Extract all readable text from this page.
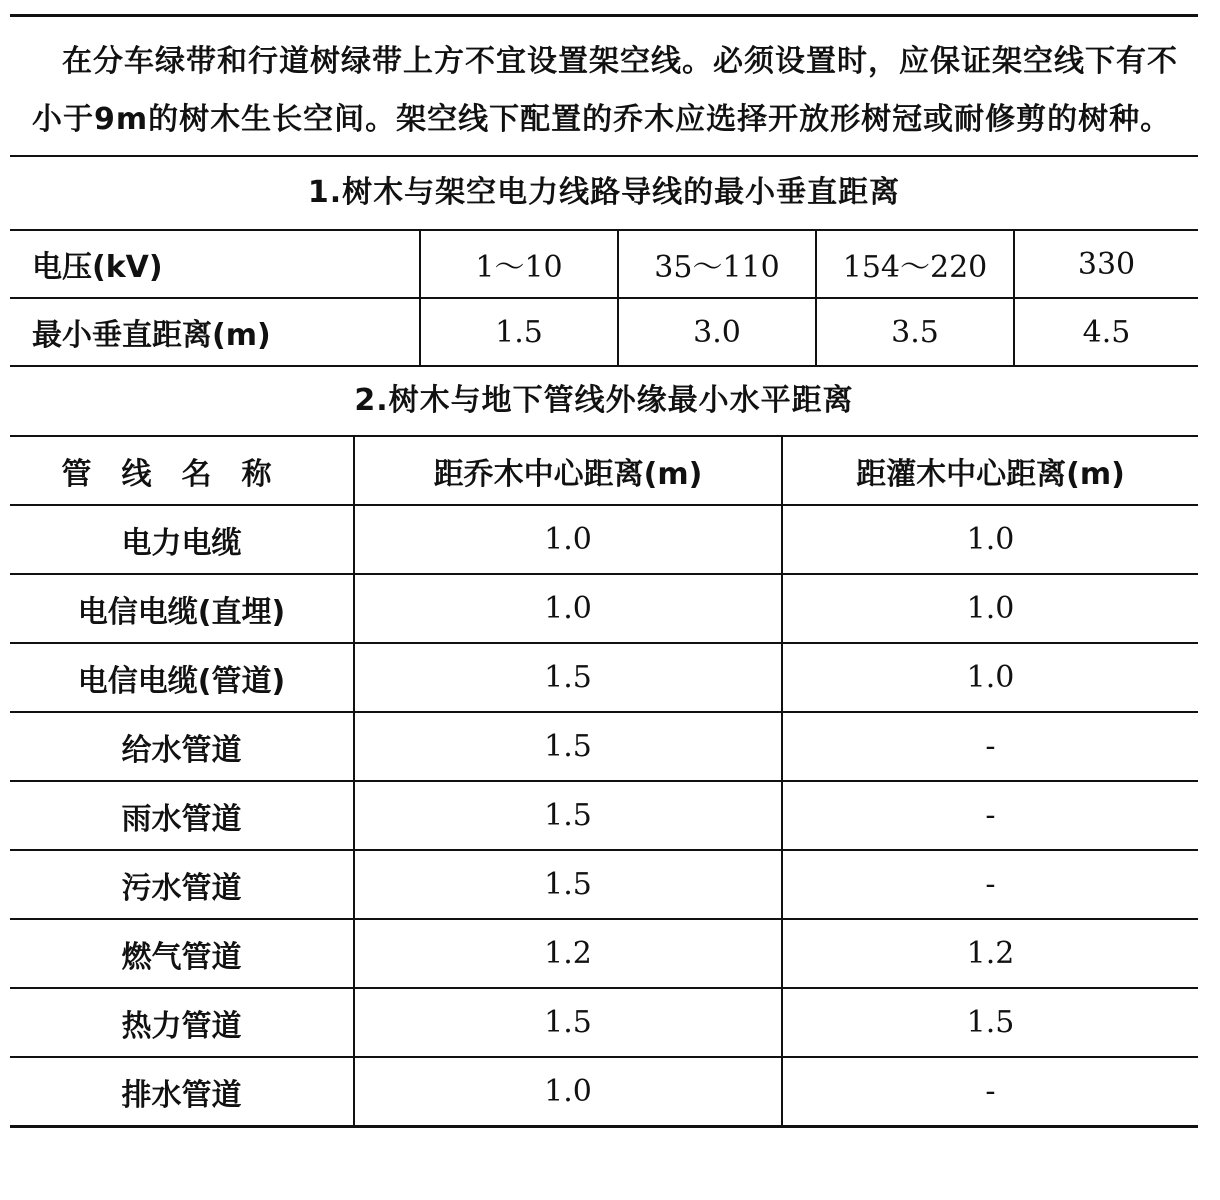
在分车绿带和行道树绿带上方不宜设置架空线。必须设置时，应保证架空线下有不小于9m的树木生长空间。架空线下配置的乔木应选择开放形树冠或耐修剪的树种。
1.树木与架空电力线路导线的最小垂直距离
电压(kV)	1～10	35～110	154～220	330
最小垂直距离(m)	1.5	3.0	3.5	4.5
2.树木与地下管线外缘最小水平距离
管线名称	距乔木中心距离(m)	距灌木中心距离(m)
电力电缆	1.0	1.0
电信电缆(直埋)	1.0	1.0
电信电缆(管道)	1.5	1.0
给水管道	1.5	-
雨水管道	1.5	-
污水管道	1.5	-
燃气管道	1.2	1.2
热力管道	1.5	1.5
排水管道	1.0	-
